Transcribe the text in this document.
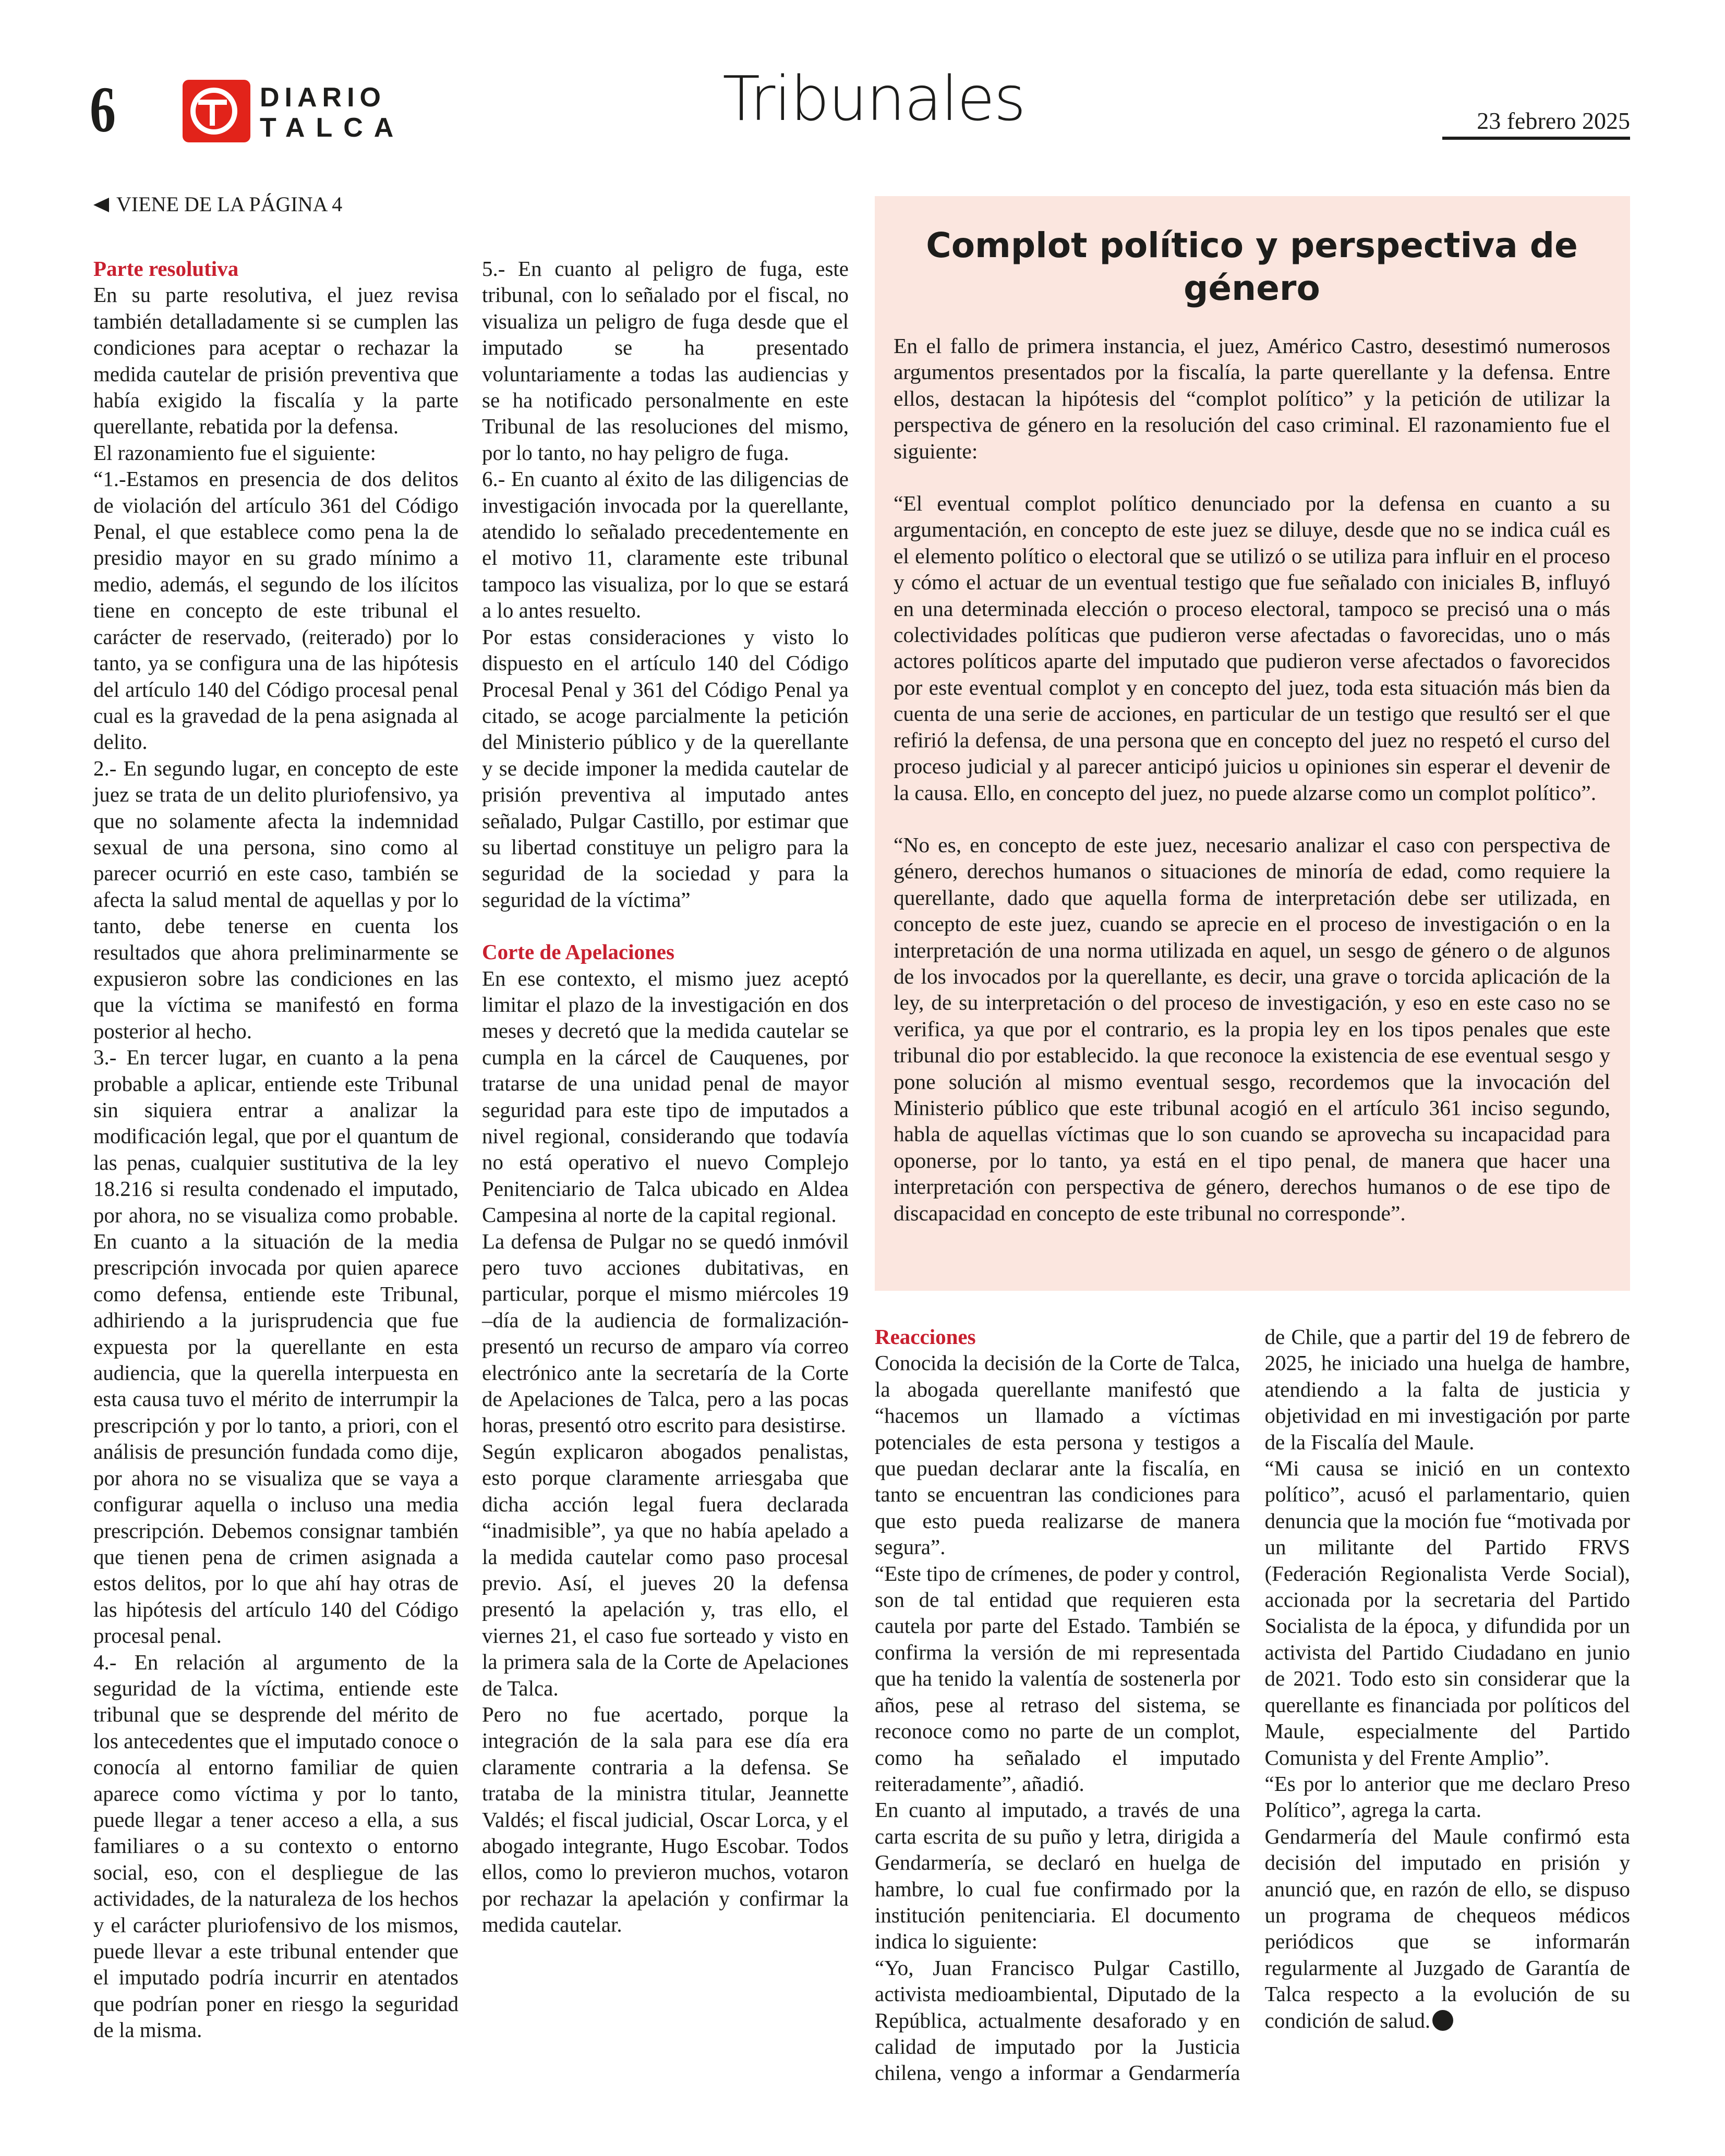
6	DIARIO
TALCA	Tribunales	23 febrero 2025
VIENE DE LA PÁGINA 4
Parte resolutiva

En su parte resolutiva, el juez revisa también detalladamente si se cumplen las condiciones para aceptar o rechazar la medida cautelar de prisión preventiva que había exigido la fiscalía y la parte querellante, rebatida por la defensa.

El razonamiento fue el siguiente:

“1.-Estamos en presencia de dos delitos de violación del artículo 361 del Código Penal, el que establece como pena la de presidio mayor en su grado mínimo a medio, además, el segundo de los ilícitos tiene en concepto de este tribunal el carácter de reservado, (reiterado) por lo tanto, ya se configura una de las hipótesis del artículo 140 del Código procesal penal cual es la gravedad de la pena asignada al delito.

2.- En segundo lugar, en concepto de este juez se trata de un delito pluriofensivo, ya que no solamente afecta la indemnidad sexual de una persona, sino como al parecer ocurrió en este caso, también se afecta la salud mental de aquellas y por lo tanto, debe tenerse en cuenta los resultados que ahora preliminarmente se expusieron sobre las condiciones en las que la víctima se manifestó en forma posterior al hecho.

3.- En tercer lugar, en cuanto a la pena probable a aplicar, entiende este Tribunal sin siquiera entrar a analizar la modificación legal, que por el quantum de las penas, cualquier sustitutiva de la ley 18.216 si resulta condenado el imputado, por ahora, no se visualiza como probable. En cuanto a la situación de la media prescripción invocada por quien aparece como defensa, entiende este Tribunal, adhiriendo a la jurisprudencia que fue expuesta por la querellante en esta audiencia, que la querella interpuesta en esta causa tuvo el mérito de interrumpir la prescripción y por lo tanto, a priori, con el análisis de presunción fundada como dije, por ahora no se visualiza que se vaya a configurar aquella o incluso una media prescripción. Debemos consignar también que tienen pena de crimen asignada a estos delitos, por lo que ahí hay otras de las hipótesis del artículo 140 del Código procesal penal.

4.- En relación al argumento de la seguridad de la víctima, entiende este tribunal que se desprende del mérito de los antecedentes que el imputado conoce o conocía al entorno familiar de quien aparece como víctima y por lo tanto, puede llegar a tener acceso a ella, a sus familiares o a su contexto o entorno social, eso, con el despliegue de las actividades, de la naturaleza de los hechos y el carácter pluriofensivo de los mismos, puede llevar a este tribunal entender que el imputado podría incurrir en atentados que podrían poner en riesgo la seguridad de la misma.

5.- En cuanto al peligro de fuga, este tribunal, con lo señalado por el fiscal, no visualiza un peligro de fuga desde que el imputado se ha presentado voluntariamente a todas las audiencias y se ha notificado personalmente en este Tribunal de las resoluciones del mismo, por lo tanto, no hay peligro de fuga.

6.- En cuanto al éxito de las diligencias de investigación invocada por la querellante, atendido lo señalado precedentemente en el motivo 11, claramente este tribunal tampoco las visualiza, por lo que se estará a lo antes resuelto.

Por estas consideraciones y visto lo dispuesto en el artículo 140 del Código Procesal Penal y 361 del Código Penal ya citado, se acoge parcialmente la petición del Ministerio público y de la querellante y se decide imponer la medida cautelar de prisión preventiva al imputado antes señalado, Pulgar Castillo, por estimar que su libertad constituye un peligro para la seguridad de la sociedad y para la seguridad de la víctima”

Corte de Apelaciones

En ese contexto, el mismo juez aceptó limitar el plazo de la investigación en dos meses y decretó que la medida cautelar se cumpla en la cárcel de Cauquenes, por tratarse de una unidad penal de mayor seguridad para este tipo de imputados a nivel regional, considerando que todavía no está operativo el nuevo Complejo Penitenciario de Talca ubicado en Aldea Campesina al norte de la capital regional.

La defensa de Pulgar no se quedó inmóvil pero tuvo acciones dubitativas, en particular, porque el mismo miércoles 19 –día de la audiencia de formalización- presentó un recurso de amparo vía correo electrónico ante la secretaría de la Corte de Apelaciones de Talca, pero a las pocas horas, presentó otro escrito para desistirse.

Según explicaron abogados penalistas, esto porque claramente arriesgaba que dicha acción legal fuera declarada “inadmisible”, ya que no había apelado a la medida cautelar como paso procesal previo. Así, el jueves 20 la defensa presentó la apelación y, tras ello, el viernes 21, el caso fue sorteado y visto en la primera sala de la Corte de Apelaciones de Talca.

Pero no fue acertado, porque la integración de la sala para ese día era claramente contraria a la defensa. Se trataba de la ministra titular, Jeannette Valdés; el fiscal judicial, Oscar Lorca, y el abogado integrante, Hugo Escobar. Todos ellos, como lo previeron muchos, votaron por rechazar la apelación y confirmar la medida cautelar.

Complot político y perspectiva de género

En el fallo de primera instancia, el juez, Américo Castro, desestimó numerosos argumentos presentados por la fiscalía, la parte querellante y la defensa. Entre ellos, destacan la hipótesis del “complot político” y la petición de utilizar la perspectiva de género en la resolución del caso criminal. El razonamiento fue el siguiente:

“El eventual complot político denunciado por la defensa en cuanto a su argumentación, en concepto de este juez se diluye, desde que no se indica cuál es el elemento político o electoral que se utilizó o se utiliza para influir en el proceso y cómo el actuar de un eventual testigo que fue señalado con iniciales B, influyó en una determinada elección o proceso electoral, tampoco se precisó una o más colectividades políticas que pudieron verse afectadas o favorecidas, uno o más actores políticos aparte del imputado que pudieron verse afectados o favorecidos por este eventual complot y en concepto del juez, toda esta situación más bien da cuenta de una serie de acciones, en particular de un testigo que resultó ser el que refirió la defensa, de una persona que en concepto del juez no respetó el curso del proceso judicial y al parecer anticipó juicios u opiniones sin esperar el devenir de la causa. Ello, en concepto del juez, no puede alzarse como un complot político”.

“No es, en concepto de este juez, necesario analizar el caso con perspectiva de género, derechos humanos o situaciones de minoría de edad, como requiere la querellante, dado que aquella forma de interpretación debe ser utilizada, en concepto de este juez, cuando se aprecie en el proceso de investigación o en la interpretación de una norma utilizada en aquel, un sesgo de género o de algunos de los invocados por la querellante, es decir, una grave o torcida aplicación de la ley, de su interpretación o del proceso de investigación, y eso en este caso no se verifica, ya que por el contrario, es la propia ley en los tipos penales que este tribunal dio por establecido. la que reconoce la existencia de ese eventual sesgo y pone solución al mismo eventual sesgo, recordemos que la invocación del Ministerio público que este tribunal acogió en el artículo 361 inciso segundo, habla de aquellas víctimas que lo son cuando se aprovecha su incapacidad para oponerse, por lo tanto, ya está en el tipo penal, de manera que hacer una interpretación con perspectiva de género, derechos humanos o de ese tipo de discapacidad en concepto de este tribunal no corresponde”.

Reacciones

Conocida la decisión de la Corte de Talca, la abogada querellante manifestó que “hacemos un llamado a víctimas potenciales de esta persona y testigos a que puedan declarar ante la fiscalía, en tanto se encuentran las condiciones para que esto pueda realizarse de manera segura”.

“Este tipo de crímenes, de poder y control, son de tal entidad que requieren esta cautela por parte del Estado. También se confirma la versión de mi representada que ha tenido la valentía de sostenerla por años, pese al retraso del sistema, se reconoce como no parte de un complot, como ha señalado el imputado reiteradamente”, añadió.

En cuanto al imputado, a través de una carta escrita de su puño y letra, dirigida a Gendarmería, se declaró en huelga de hambre, lo cual fue confirmado por la institución penitenciaria. El documento indica lo siguiente:

“Yo, Juan Francisco Pulgar Castillo, activista medioambiental, Diputado de la República, actualmente desaforado y en calidad de imputado por la Justicia chilena, vengo a informar a Gendarmería de Chile, que a partir del 19 de febrero de 2025, he iniciado una huelga de hambre, atendiendo a la falta de justicia y objetividad en mi investigación por parte de la Fiscalía del Maule.

“Mi causa se inició en un contexto político”, acusó el parlamentario, quien denuncia que la moción fue “motivada por un militante del Partido FRVS (Federación Regionalista Verde Social), accionada por la secretaria del Partido Socialista de la época, y difundida por un activista del Partido Ciudadano en junio de 2021. Todo esto sin considerar que la querellante es financiada por políticos del Maule, especialmente del Partido Comunista y del Frente Amplio”.

“Es por lo anterior que me declaro Preso Político”, agrega la carta.

Gendarmería del Maule confirmó esta decisión del imputado en prisión y anunció que, en razón de ello, se dispuso un programa de chequeos médicos periódicos que se informarán regularmente al Juzgado de Garantía de Talca respecto a la evolución de su condición de salud.
